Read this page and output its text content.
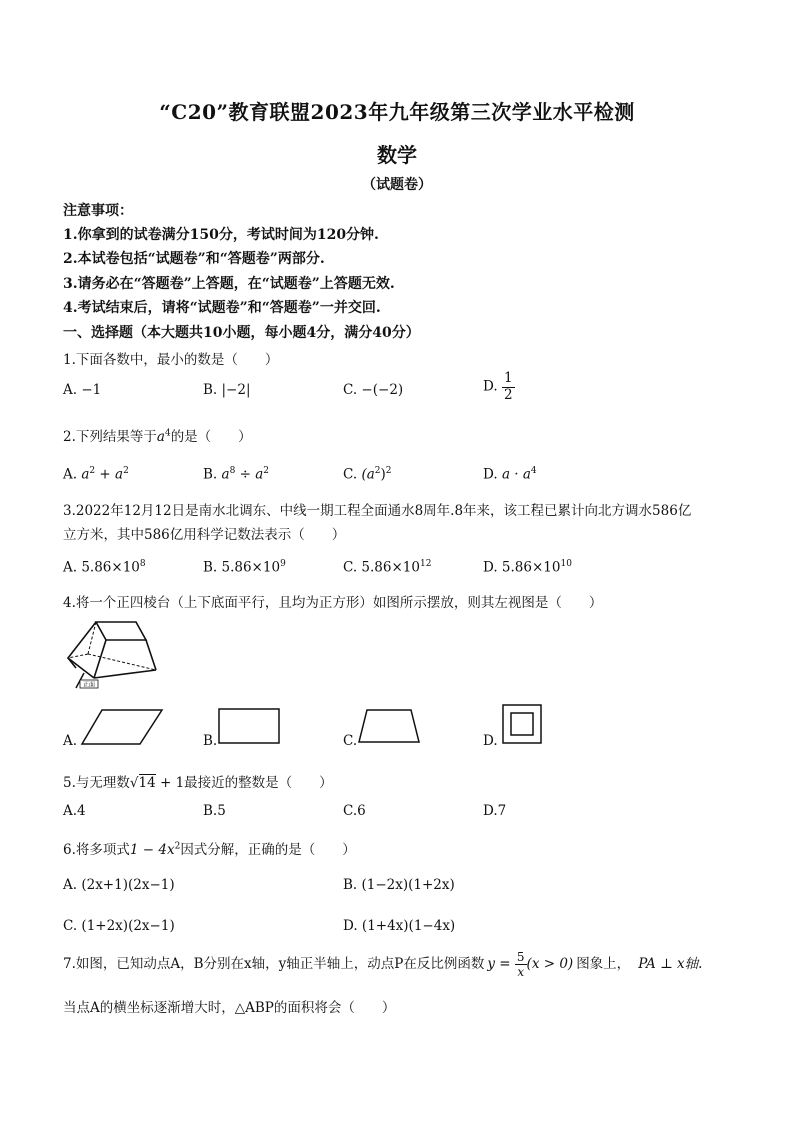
“C20”教育联盟2023年九年级第三次学业水平检测
数学
（试题卷）
注意事项：
1.你拿到的试卷满分150分，考试时间为120分钟.
2.本试卷包括“试题卷”和“答题卷”两部分.
3.请务必在“答题卷”上答题，在“试题卷”上答题无效.
4.考试结束后，请将“试题卷”和“答题卷”一并交回.
一、选择题（本大题共10小题，每小题4分，满分40分）
1.下面各数中，最小的数是（　　）
A. −1	B. |−2|	C. −(−2)	D. $\frac{1}{2}$
2.下列结果等于$a^4$的是（　　）
A. $a^2 + a^2$	B. $a^8 \div a^2$	C. $(a^2)^2$	D. $a \cdot a^4$
3.2022年12月12日是南水北调东、中线一期工程全面通水8周年.8年来，该工程已累计向北方调水586亿
立方米，其中586亿用科学记数法表示（　　）
A. $5.86\times 10^8$	B. $5.86\times 10^9$	C. $5.86\times 10^{12}$	D. $5.86\times 10^{10}$
4.将一个正四棱台（上下底面平行，且均为正方形）如图所示摆放，则其左视图是（　　）
正面
A.	B.	C.	D.
5.与无理数√14 + 1最接近的整数是（　　）
A.4	B.5	C.6	D.7
6.将多项式$1 - 4x^2$因式分解，正确的是（　　）
A. (2x+1)(2x−1)	B. (1−2x)(1+2x)
C. (1+2x)(2x−1)	D. (1+4x)(1−4x)
7.如图，已知动点A，B分别在x轴，y轴正半轴上，动点P在反比例函数 $y = \frac{5}{x} (x > 0)$ 图象上， PA ⊥ x轴.
当点A的横坐标逐渐增大时，△ABP的面积将会（　　）
